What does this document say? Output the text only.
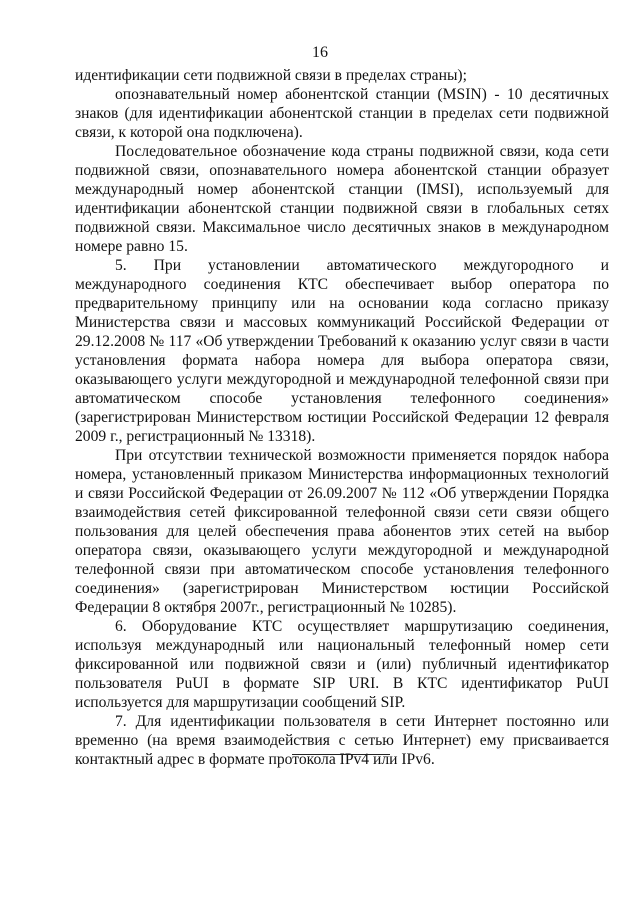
16

идентификации сети подвижной связи в пределах страны);

опознавательный номер абонентской станции (MSIN) - 10 десятичных знаков (для идентификации абонентской станции в пределах сети подвижной связи, к которой она подключена).

Последовательное обозначение кода страны подвижной связи, кода сети подвижной связи, опознавательного номера абонентской станции образует международный номер абонентской станции (IMSI), используемый для идентификации абонентской станции подвижной связи в глобальных сетях подвижной связи. Максимальное число десятичных знаков в международном номере равно 15.

5. При установлении автоматического междугородного и международного соединения КТС обеспечивает выбор оператора по предварительному принципу или на основании кода согласно приказу Министерства связи и массовых коммуникаций Российской Федерации от 29.12.2008 № 117 «Об утверждении Требований к оказанию услуг связи в части установления формата набора номера для выбора оператора связи, оказывающего услуги междугородной и международной телефонной связи при автоматическом способе установления телефонного соединения» (зарегистрирован Министерством юстиции Российской Федерации 12 февраля 2009 г., регистрационный № 13318).

При отсутствии технической возможности применяется порядок набора номера, установленный приказом Министерства информационных технологий и связи Российской Федерации от 26.09.2007 № 112 «Об утверждении Порядка взаимодействия сетей фиксированной телефонной связи сети связи общего пользования для целей обеспечения права абонентов этих сетей на выбор оператора связи, оказывающего услуги междугородной и международной телефонной связи при автоматическом способе установления телефонного соединения» (зарегистрирован Министерством юстиции Российской Федерации 8 октября 2007г., регистрационный № 10285).

6. Оборудование КТС осуществляет маршрутизацию соединения, используя международный или национальный телефонный номер сети фиксированной или подвижной связи и (или) публичный идентификатор пользователя PuUI в формате SIP URI. В КТС идентификатор PuUI используется для маршрутизации сообщений SIP.

7. Для идентификации пользователя в сети Интернет постоянно или временно (на время взаимодействия с сетью Интернет) ему присваивается контактный адрес в формате протокола IPv4 или IPv6.
